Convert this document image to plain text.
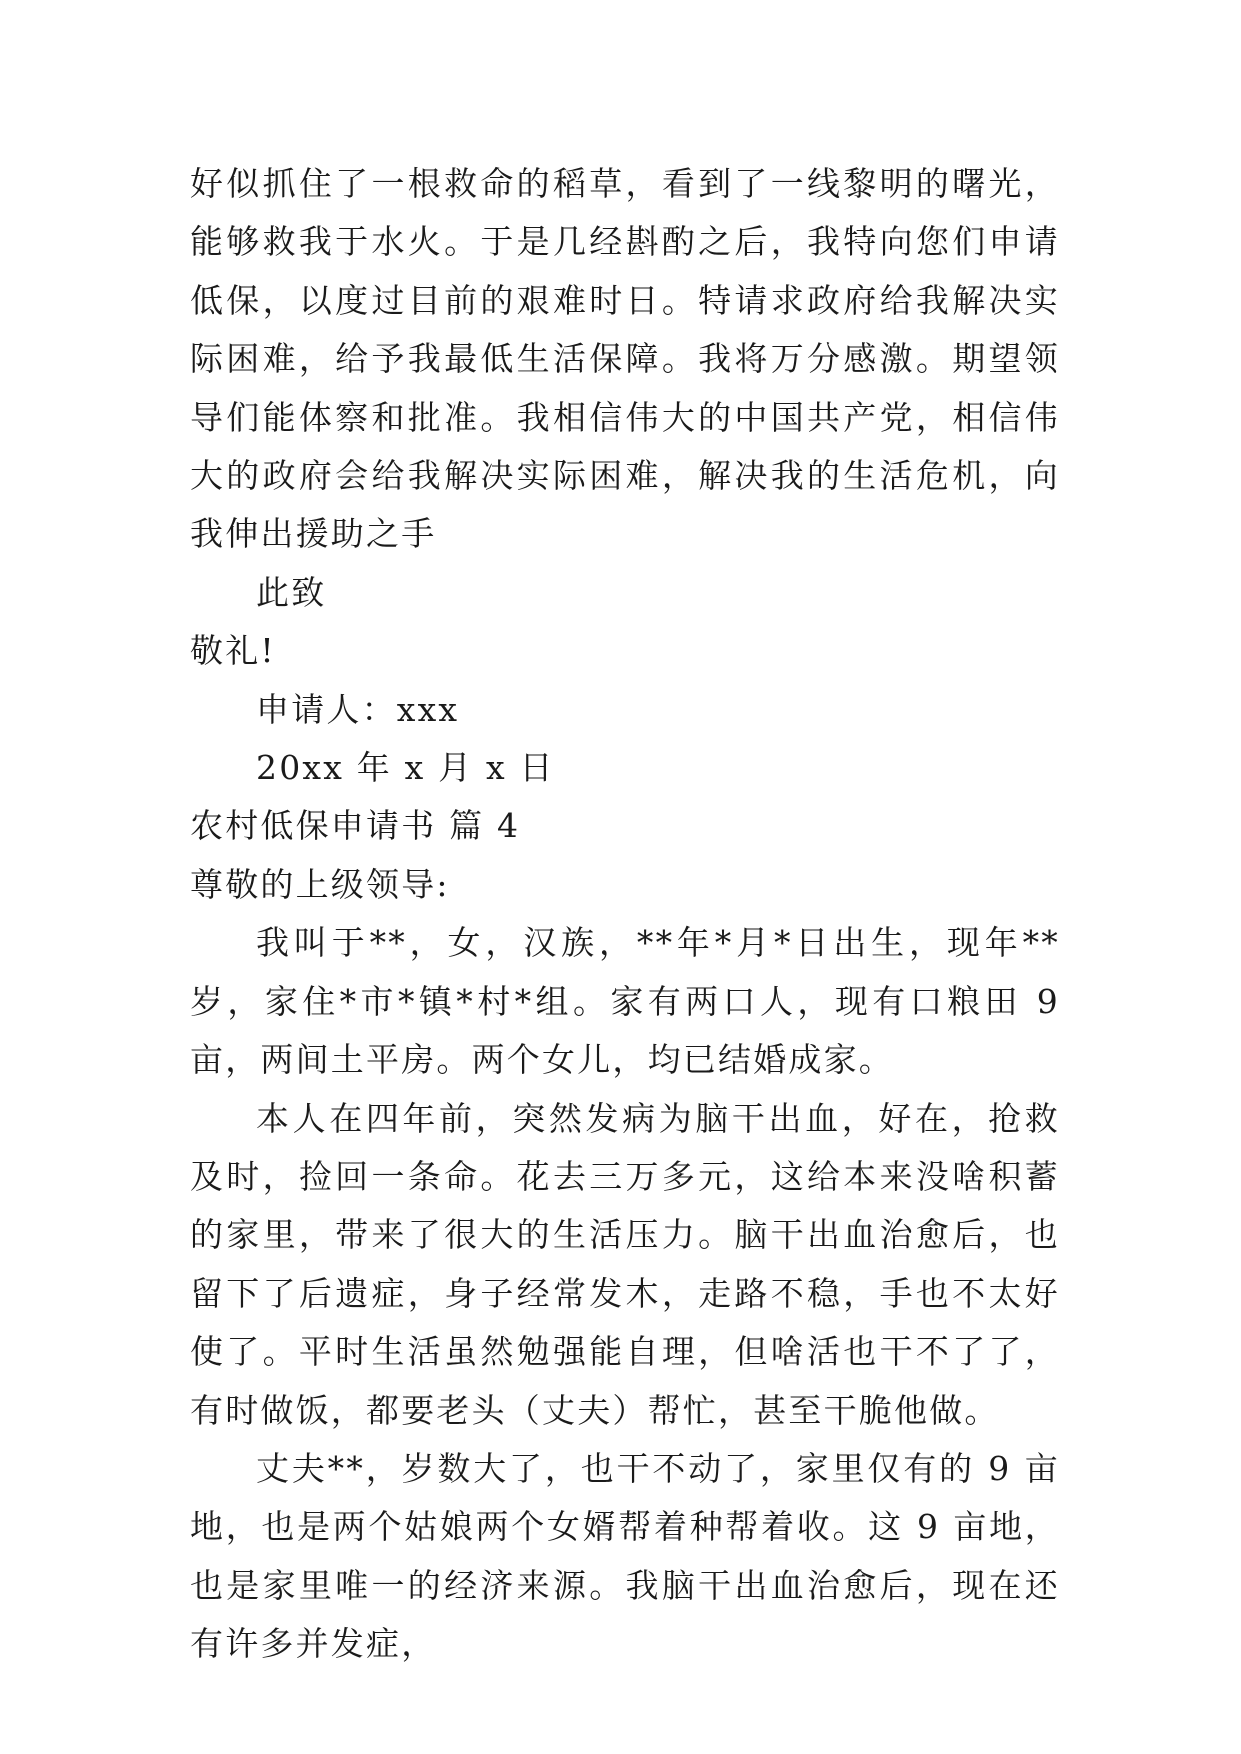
好似抓住了一根救命的稻草，看到了一线黎明的曙光，能够救我于水火。于是几经斟酌之后，我特向您们申请低保，以度过目前的艰难时日。特请求政府给我解决实际困难，给予我最低生活保障。我将万分感激。期望领导们能体察和批准。我相信伟大的中国共产党，相信伟大的政府会给我解决实际困难，解决我的生活危机，向我伸出援助之手

此致

敬礼!

申请人：xxx

20xx 年 x 月 x 日

农村低保申请书 篇 4

尊敬的上级领导:

我叫于**，女，汉族，**年*月*日出生，现年**岁，家住*市*镇*村*组。家有两口人，现有口粮田 9 亩，两间土平房。两个女儿，均已结婚成家。

本人在四年前，突然发病为脑干出血，好在，抢救及时，捡回一条命。花去三万多元，这给本来没啥积蓄的家里，带来了很大的生活压力。脑干出血治愈后，也留下了后遗症，身子经常发木，走路不稳，手也不太好使了。平时生活虽然勉强能自理，但啥活也干不了了，有时做饭，都要老头（丈夫）帮忙，甚至干脆他做。

丈夫**，岁数大了，也干不动了，家里仅有的 9 亩地，也是两个姑娘两个女婿帮着种帮着收。这 9 亩地，也是家里唯一的经济来源。我脑干出血治愈后，现在还有许多并发症，
